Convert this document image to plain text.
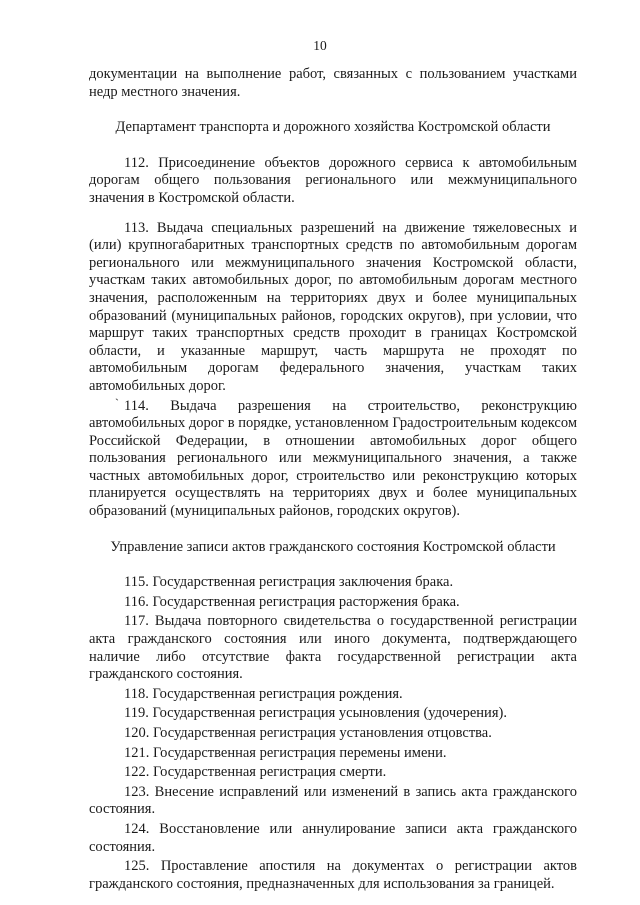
10

документации на выполнение работ, связанных с пользованием участками недр местного значения.

Департамент транспорта и дорожного хозяйства Костромской области

112. Присоединение объектов дорожного сервиса к автомобильным дорогам общего пользования регионального или межмуниципального значения в Костромской области.

113. Выдача специальных разрешений на движение тяжеловесных и (или) крупногабаритных транспортных средств по автомобильным дорогам регионального или межмуниципального значения Костромской области, участкам таких автомобильных дорог, по автомобильным дорогам местного значения, расположенным на территориях двух и более муниципальных образований (муниципальных районов, городских округов), при условии, что маршрут таких транспортных средств проходит в границах Костромской области, и указанные маршрут, часть маршрута не проходят по автомобильным дорогам федерального значения, участкам таких автомобильных дорог.

` 114. Выдача разрешения на строительство, реконструкцию автомобильных дорог в порядке, установленном Градостроительным кодексом Российской Федерации, в отношении автомобильных дорог общего пользования регионального или межмуниципального значения, а также частных автомобильных дорог, строительство или реконструкцию которых планируется осуществлять на территориях двух и более муниципальных образований (муниципальных районов, городских округов).

Управление записи актов гражданского состояния Костромской области

115. Государственная регистрация заключения брака.

116. Государственная регистрация расторжения брака.

117. Выдача повторного свидетельства о государственной регистрации акта гражданского состояния или иного документа, подтверждающего наличие либо отсутствие факта государственной регистрации акта гражданского состояния.

118. Государственная регистрация рождения.

119. Государственная регистрация усыновления (удочерения).

120. Государственная регистрация установления отцовства.

121. Государственная регистрация перемены имени.

122. Государственная регистрация смерти.

123. Внесение исправлений или изменений в запись акта гражданского состояния.

124. Восстановление или аннулирование записи акта гражданского состояния.

125. Проставление апостиля на документах о регистрации актов гражданского состояния, предназначенных для использования за границей.
